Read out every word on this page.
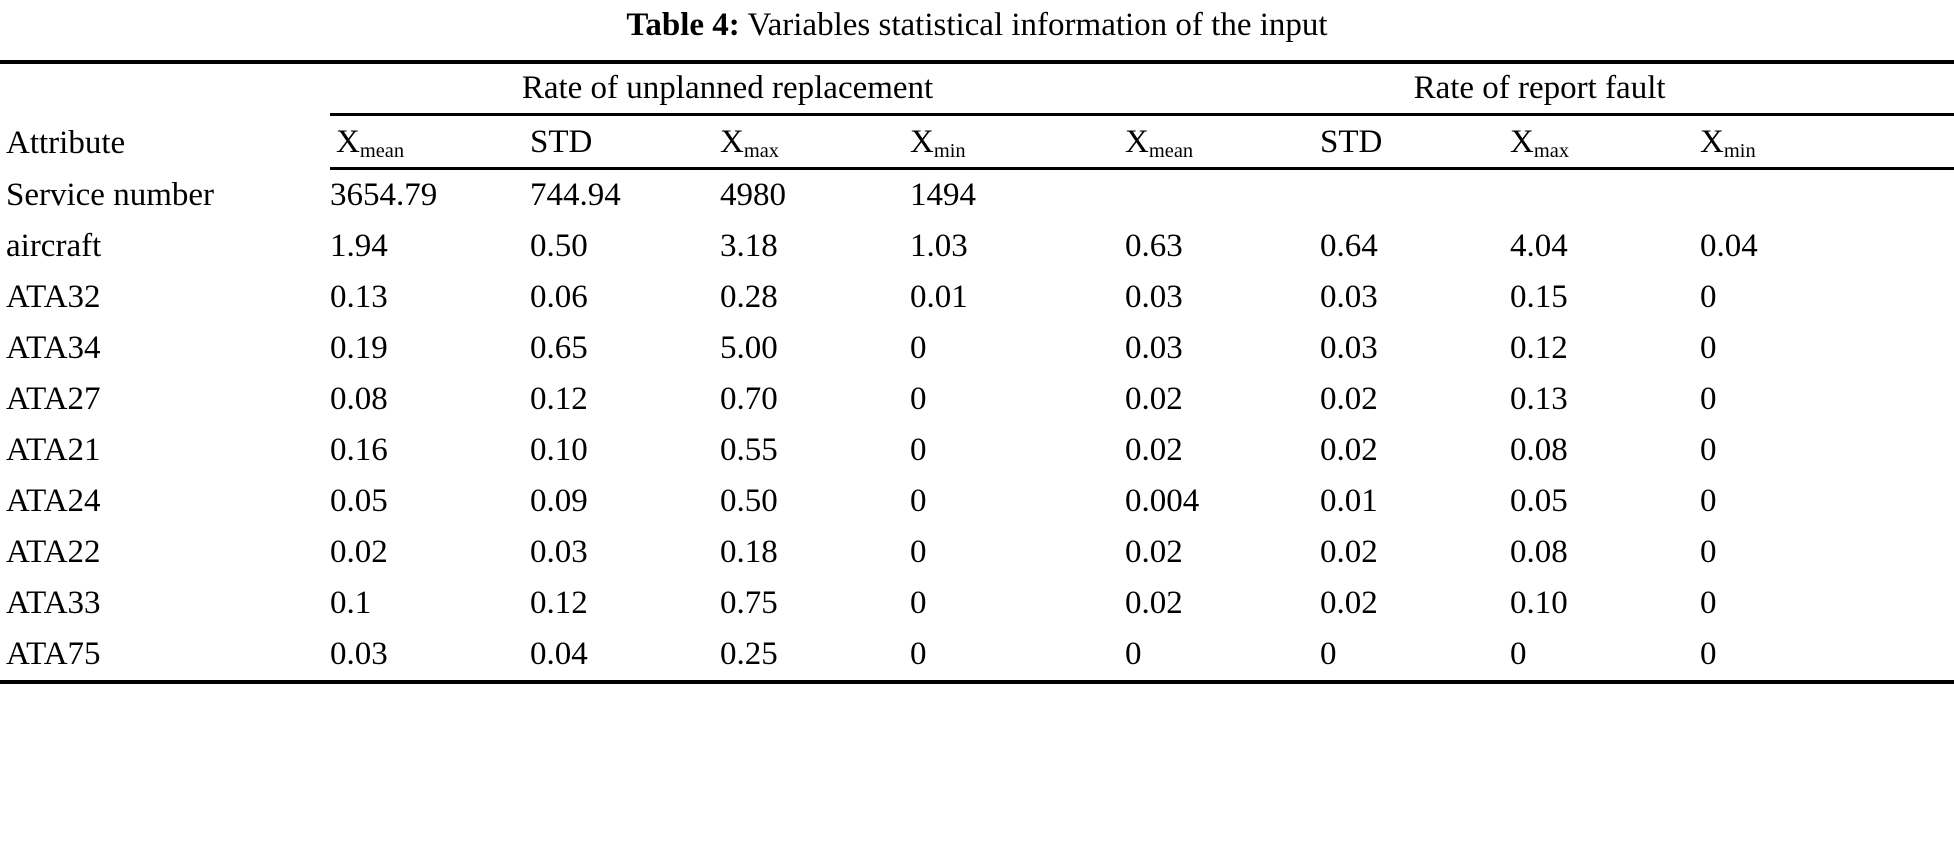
Table 4: Variables statistical information of the input
Attribute	Rate of unplanned replacement				Rate of report fault				
	$X_{mean}$	STD	$X_{max}$	$X_{min}$	$X_{mean}$	STD	$X_{max}$	$X_{min}$	
Service number	3654.79	744.94	4980	1494					
aircraft	1.94	0.50	3.18	1.03	0.63	0.64	4.04	0.04	
ATA32	0.13	0.06	0.28	0.01	0.03	0.03	0.15	0	
ATA34	0.19	0.65	5.00	0	0.03	0.03	0.12	0	
ATA27	0.08	0.12	0.70	0	0.02	0.02	0.13	0	
ATA21	0.16	0.10	0.55	0	0.02	0.02	0.08	0	
ATA24	0.05	0.09	0.50	0	0.004	0.01	0.05	0	
ATA22	0.02	0.03	0.18	0	0.02	0.02	0.08	0	
ATA33	0.1	0.12	0.75	0	0.02	0.02	0.10	0	
ATA75	0.03	0.04	0.25	0	0	0	0	0	
